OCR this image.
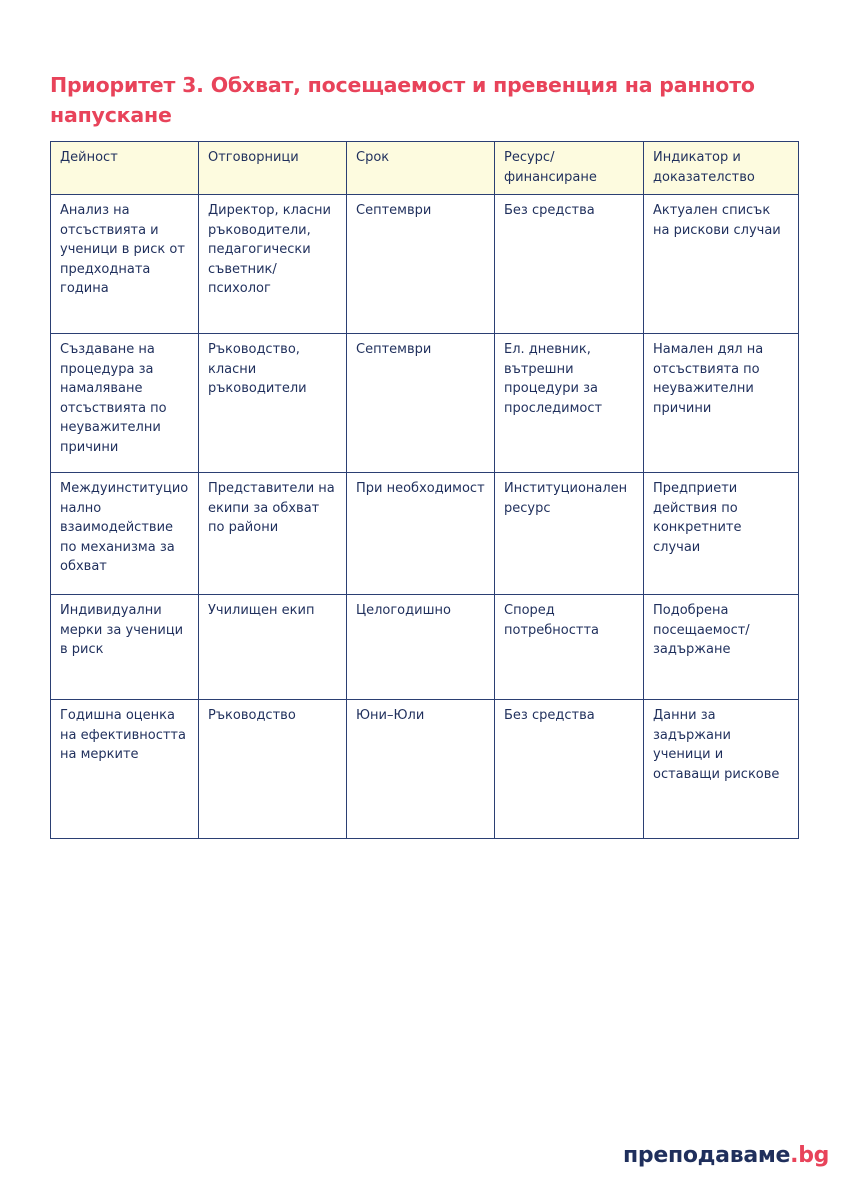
Приоритет 3. Обхват, посещаемост и превенция на ранното напускане
Дейност	Отговорници	Срок	Ресурс/ финансиране	Индикатор и доказателство
Анализ на отсъствията и ученици в риск от предходната година	Директор, класни ръководители, педагогически съветник/ психолог	Септември	Без средства	Актуален списък на рискови случаи
Създаване на процедура за намаляване отсъствията по неуважителни причини	Ръководство, класни ръководители	Септември	Ел. дневник, вътрешни процедури за проследимост	Намален дял на отсъствията по неуважителни причини
Междуинституционално взаимодействие по механизма за обхват	Представители на екипи за обхват по райони	При необходимост	Институционален ресурс	Предприети действия по конкретните случаи
Индивидуални мерки за ученици в риск	Училищен екип	Целогодишно	Според потребността	Подобрена посещаемост/ задържане
Годишна оценка на ефективността на мерките	Ръководство	Юни–Юли	Без средства	Данни за задържани ученици и оставащи рискове
преподаваме.bg
